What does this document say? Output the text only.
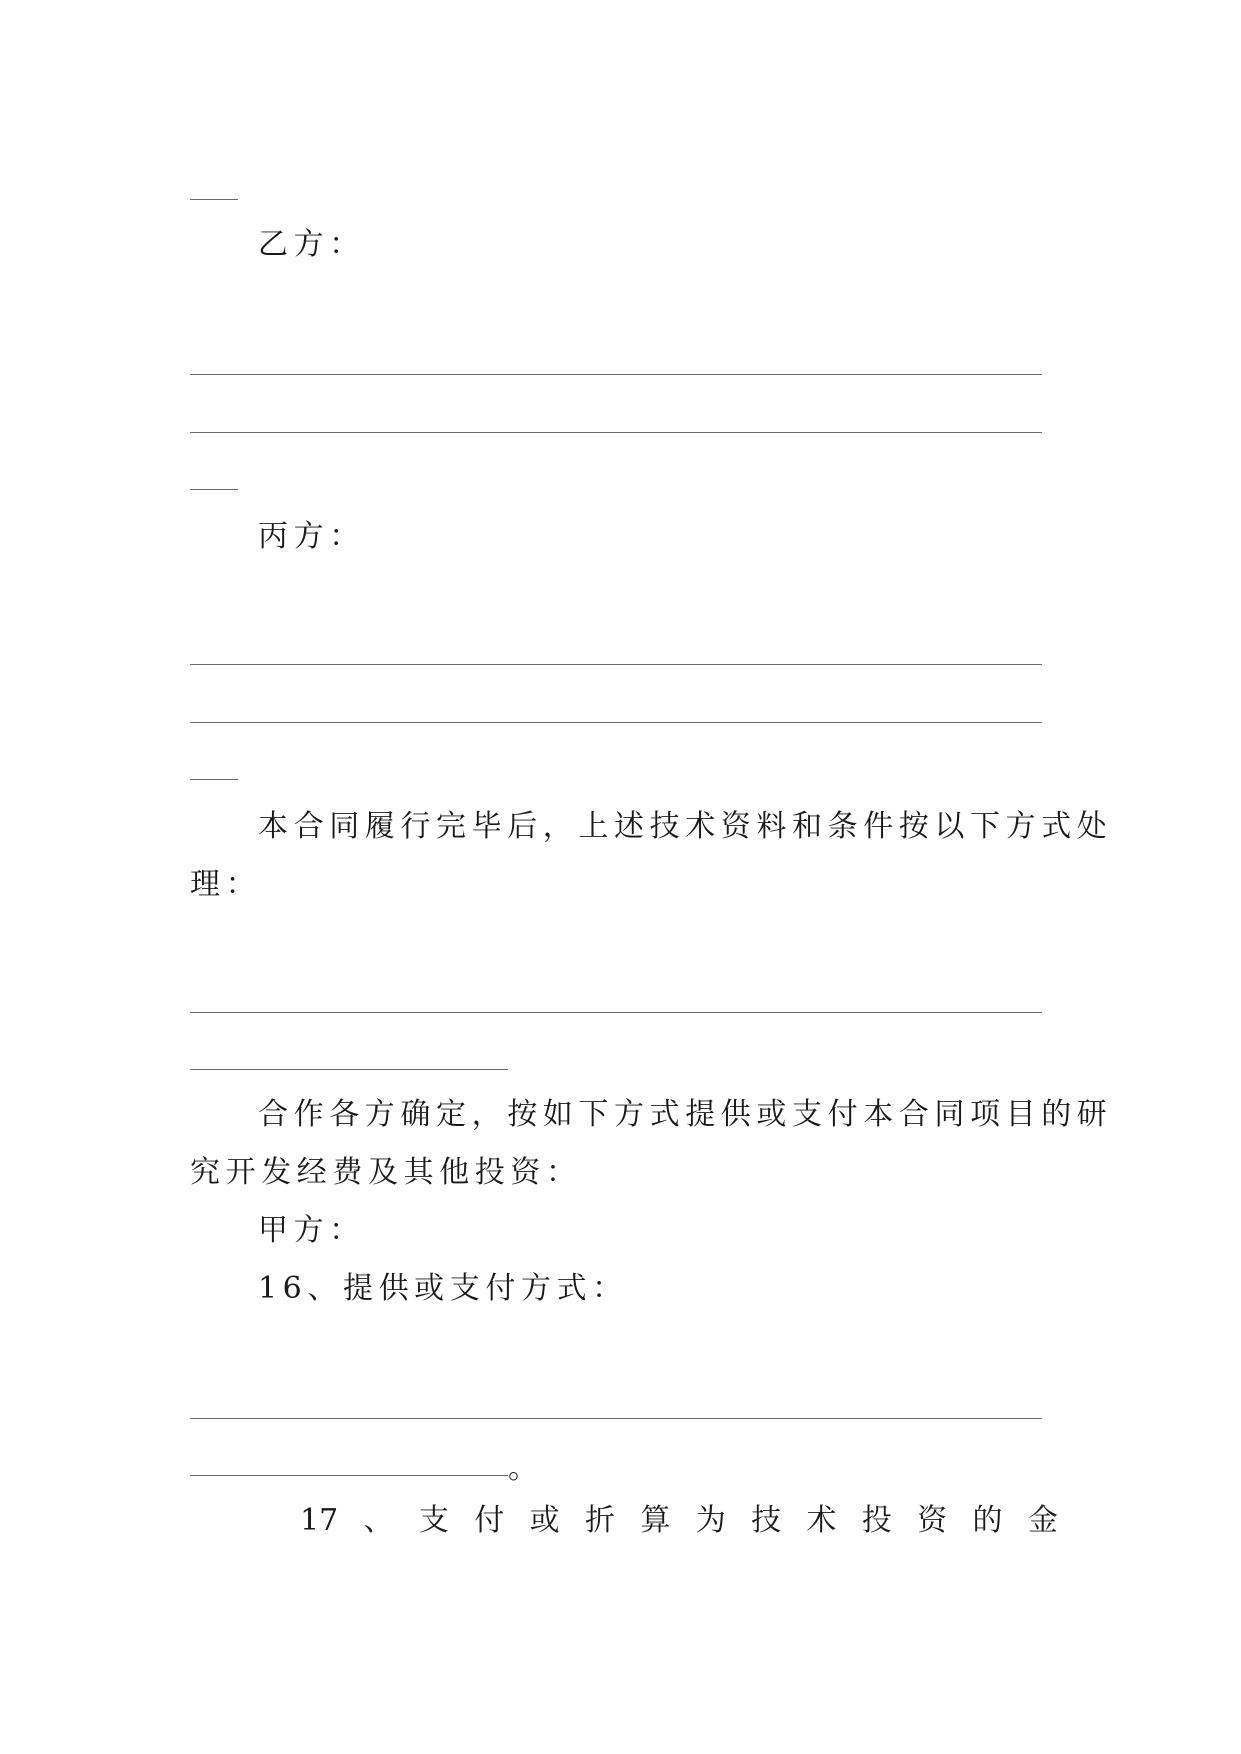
乙方：
丙方：
本合同履行完毕后，上述技术资料和条件按以下方式处
理：
合作各方确定，按如下方式提供或支付本合同项目的研
究开发经费及其他投资：
甲方：
16、提供或支付方式：
。
17 、 支 付 或 折 算 为 技 术 投 资 的 金
